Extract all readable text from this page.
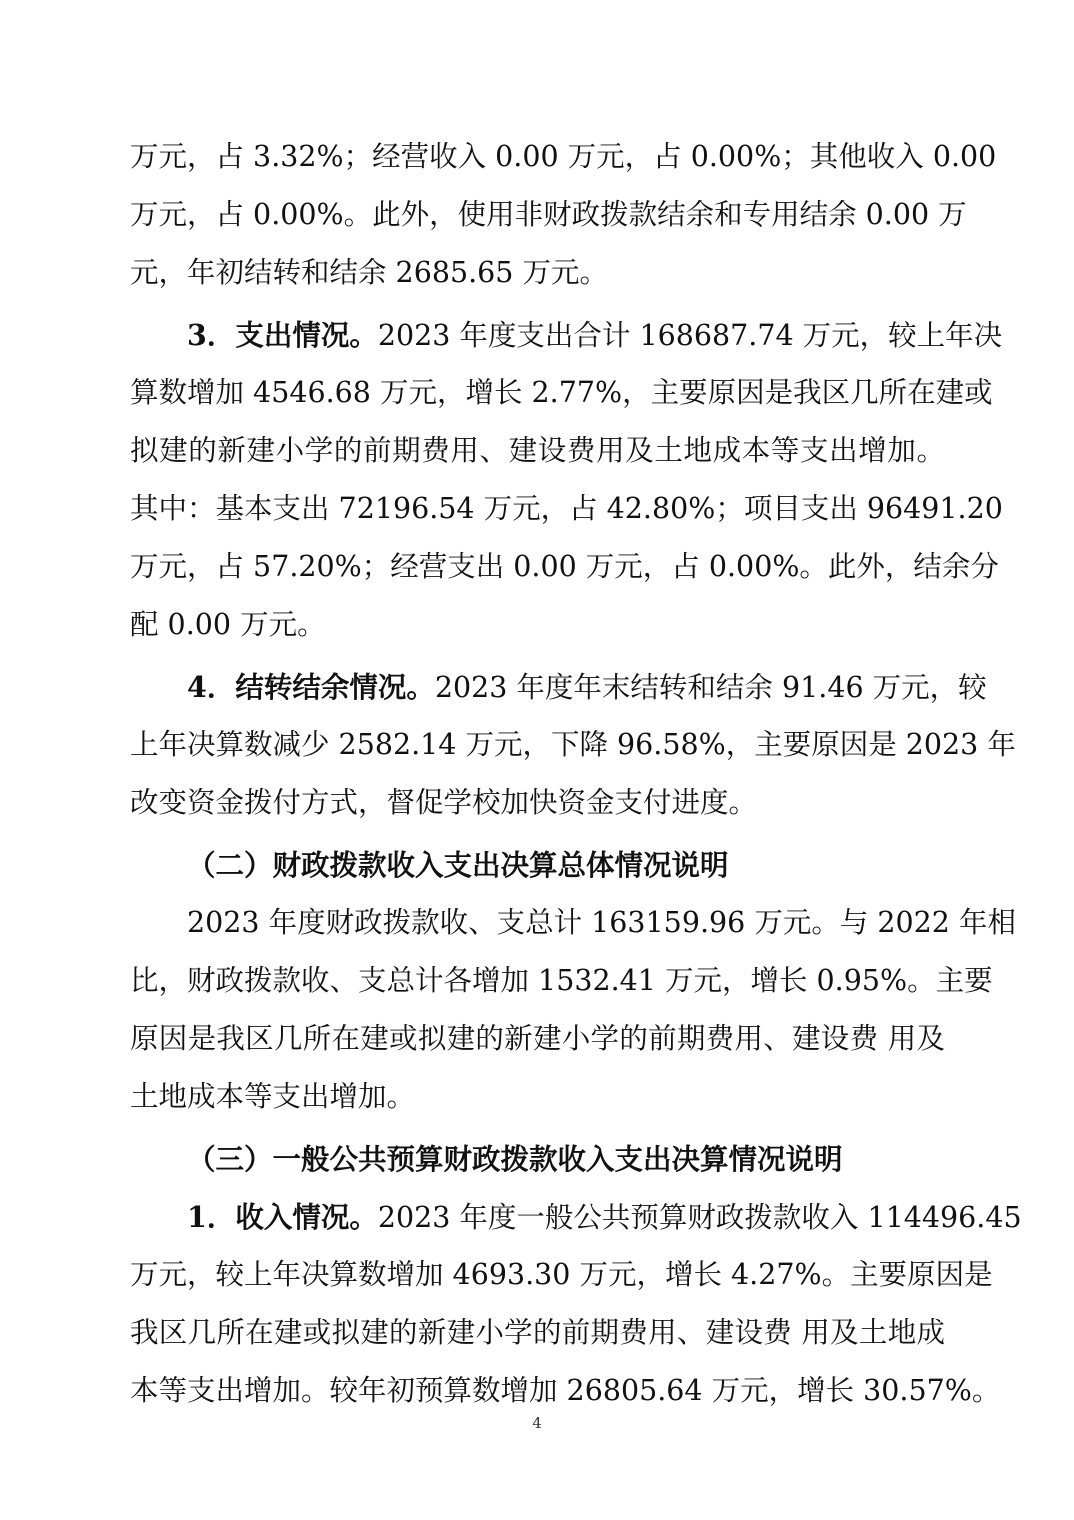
万元，占 3.32%；经营收入 0.00 万元，占 0.00%；其他收入 0.00
万元，占 0.00%。此外，使用非财政拨款结余和专用结余 0.00 万
元，年初结转和结余 2685.65 万元。
3．支出情况。2023 年度支出合计 168687.74 万元，较上年决
算数增加 4546.68 万元，增长 2.77%，主要原因是我区几所在建或
拟建的新建小学的前期费用、建设费用及土地成本等支出增加。
其中：基本支出 72196.54 万元，占 42.80%；项目支出 96491.20
万元，占 57.20%；经营支出 0.00 万元，占 0.00%。此外，结余分
配 0.00 万元。
4．结转结余情况。2023 年度年末结转和结余 91.46 万元，较
上年决算数减少 2582.14 万元，下降 96.58%，主要原因是 2023 年
改变资金拨付方式，督促学校加快资金支付进度。
（二）财政拨款收入支出决算总体情况说明
2023 年度财政拨款收、支总计 163159.96 万元。与 2022 年相
比，财政拨款收、支总计各增加 1532.41 万元，增长 0.95%。主要
原因是我区几所在建或拟建的新建小学的前期费用、建设费 用及
土地成本等支出增加。
（三）一般公共预算财政拨款收入支出决算情况说明
1．收入情况。2023 年度一般公共预算财政拨款收入 114496.45
万元，较上年决算数增加 4693.30 万元，增长 4.27%。主要原因是
我区几所在建或拟建的新建小学的前期费用、建设费 用及土地成
本等支出增加。较年初预算数增加 26805.64 万元，增长 30.57%。
4
